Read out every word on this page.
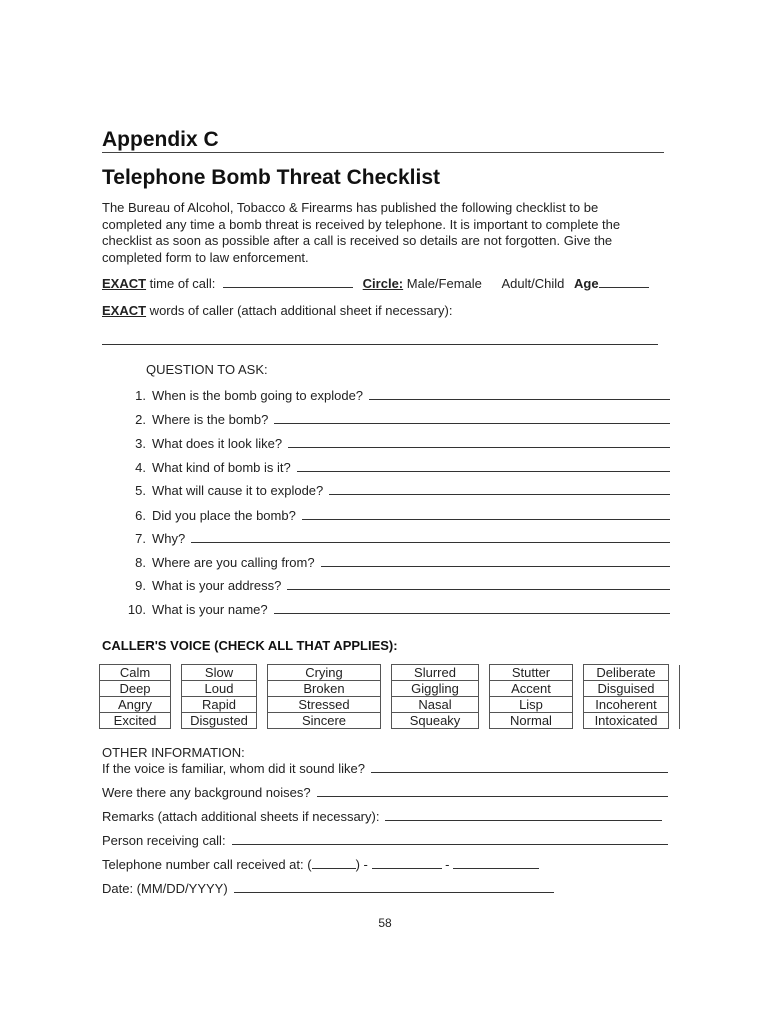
Appendix C
Telephone Bomb Threat Checklist
The Bureau of Alcohol, Tobacco & Firearms has published the following checklist to be completed any time a bomb threat is received by telephone. It is important to complete the checklist as soon as possible after a call is received so details are not forgotten. Give the completed form to law enforcement.
EXACT time of call:	Circle: Male/Female Adult/Child Age
EXACT words of caller (attach additional sheet if necessary):
QUESTION TO ASK:
1. When is the bomb going to explode?
2. Where is the bomb?
3. What does it look like?
4. What kind of bomb is it?
5. What will cause it to explode?
6. Did you place the bomb?
7. Why?
8. Where are you calling from?
9. What is your address?
10. What is your name?
CALLER'S VOICE (CHECK ALL THAT APPLIES):
Calm		Slow		Crying		Slurred		Stutter		Deliberate	
Deep		Loud		Broken		Giggling		Accent		Disguised	
Angry		Rapid		Stressed		Nasal		Lisp		Incoherent	
Excited		Disgusted		Sincere		Squeaky		Normal		Intoxicated	
OTHER INFORMATION:
If the voice is familiar, whom did it sound like?
Were there any background noises?
Remarks (attach additional sheets if necessary):
Person receiving call:
Telephone number call received at: (	) -	-
Date: (MM/DD/YYYY)
58
